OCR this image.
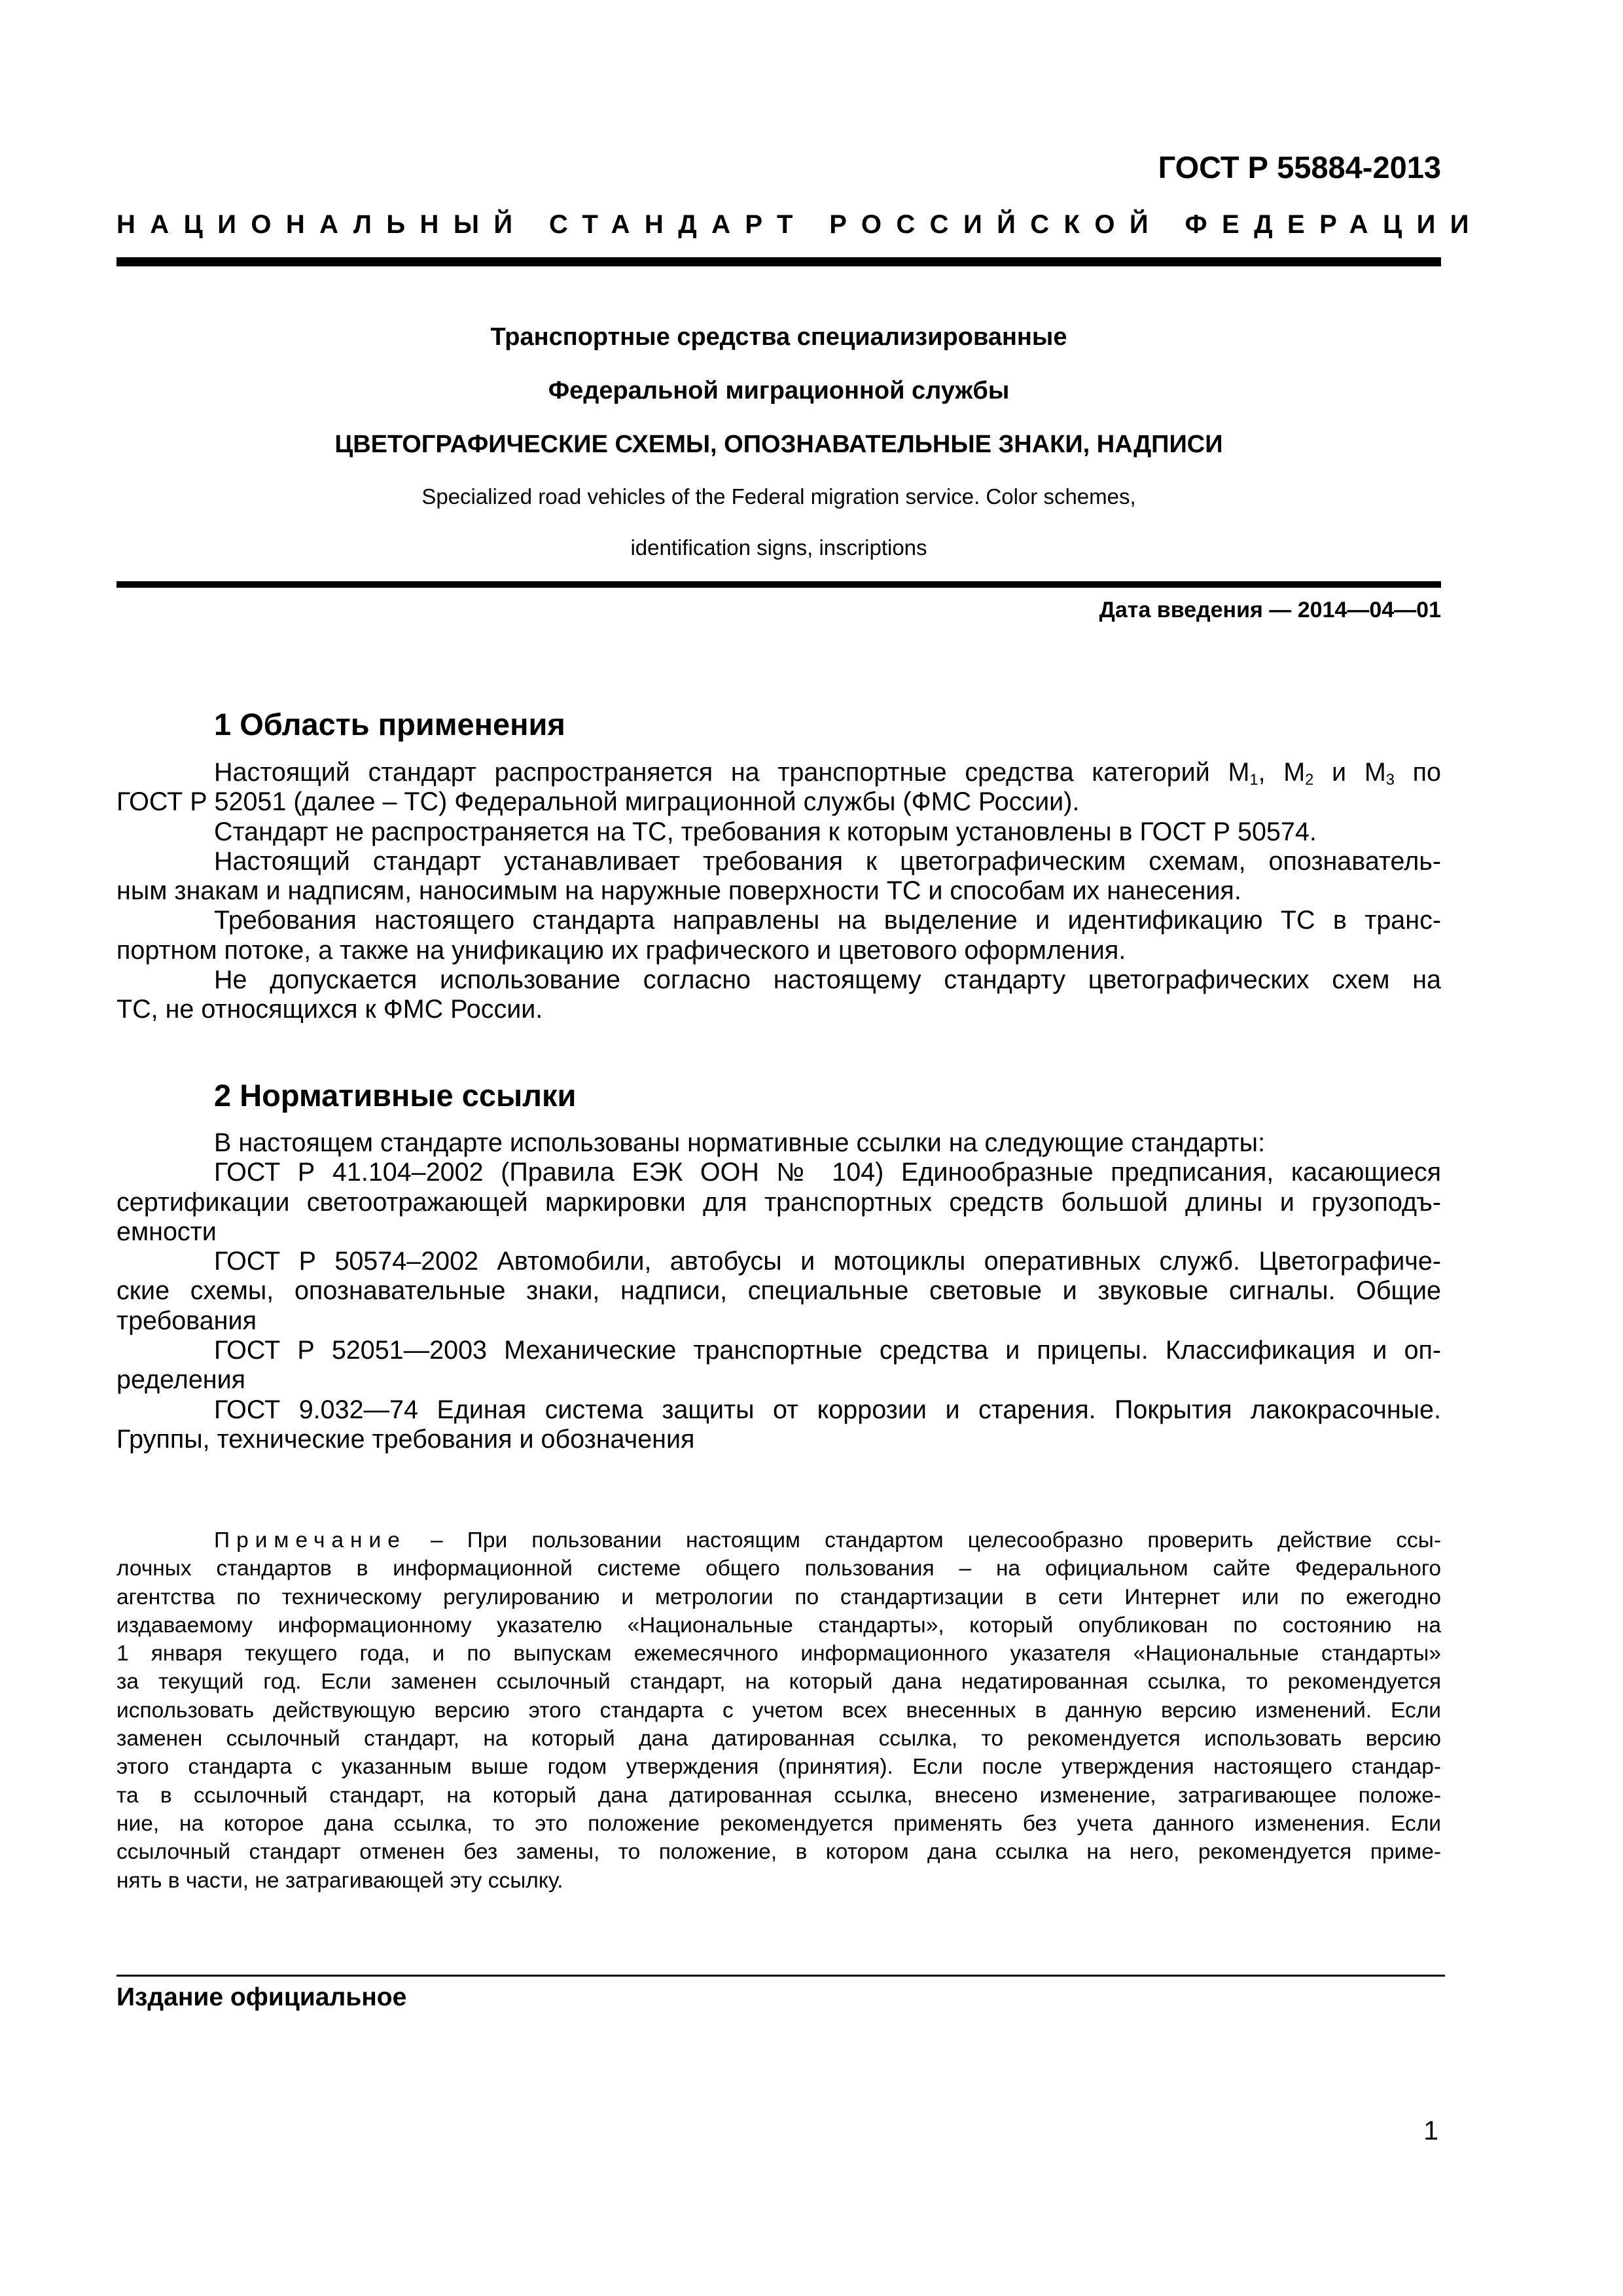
ГОСТ Р 55884-2013
НАЦИОНАЛЬНЫЙ СТАНДАРТ РОССИЙСКОЙ ФЕДЕРАЦИИ
Транспортные средства специализированные
Федеральной миграционной службы
ЦВЕТОГРАФИЧЕСКИЕ СХЕМЫ, ОПОЗНАВАТЕЛЬНЫЕ ЗНАКИ, НАДПИСИ
Specialized road vehicles of the Federal migration service. Color schemes,
identification signs, inscriptions
Дата введения — 2014—04—01
1 Область применения

Настоящий стандарт распространяется на транспортные средства категорий $М_1$, $М_2$ и $М_3$ по

ГОСТ Р 52051 (далее – ТС) Федеральной миграционной службы (ФМС России).

Стандарт не распространяется на ТС, требования к которым установлены в ГОСТ Р 50574.

Настоящий стандарт устанавливает требования к цветографическим схемам, опознаватель-

ным знакам и надписям, наносимым на наружные поверхности ТС и способам их нанесения.

Требования настоящего стандарта направлены на выделение и идентификацию ТС в транс-

портном потоке, а также на унификацию их графического и цветового оформления.

Не допускается использование согласно настоящему стандарту цветографических схем на

ТС, не относящихся к ФМС России.

2 Нормативные ссылки

В настоящем стандарте использованы нормативные ссылки на следующие стандарты:

ГОСТ Р 41.104–2002 (Правила ЕЭК ООН № 104) Единообразные предписания, касающиеся

сертификации светоотражающей маркировки для транспортных средств большой длины и грузоподъ-

емности

ГОСТ Р 50574–2002 Автомобили, автобусы и мотоциклы оперативных служб. Цветографиче-

ские схемы, опознавательные знаки, надписи, специальные световые и звуковые сигналы. Общие

требования

ГОСТ Р 52051—2003 Механические транспортные средства и прицепы. Классификация и оп-

ределения

ГОСТ 9.032—74 Единая система защиты от коррозии и старения. Покрытия лакокрасочные.

Группы, технические требования и обозначения

Примечание – При пользовании настоящим стандартом целесообразно проверить действие ссы-

лочных стандартов в информационной системе общего пользования – на официальном сайте Федерального

агентства по техническому регулированию и метрологии по стандартизации в сети Интернет или по ежегодно

издаваемому информационному указателю «Национальные стандарты», который опубликован по состоянию на

1 января текущего года, и по выпускам ежемесячного информационного указателя «Национальные стандарты»

за текущий год. Если заменен ссылочный стандарт, на который дана недатированная ссылка, то рекомендуется

использовать действующую версию этого стандарта с учетом всех внесенных в данную версию изменений. Если

заменен ссылочный стандарт, на который дана датированная ссылка, то рекомендуется использовать версию

этого стандарта с указанным выше годом утверждения (принятия). Если после утверждения настоящего стандар-

та в ссылочный стандарт, на который дана датированная ссылка, внесено изменение, затрагивающее положе-

ние, на которое дана ссылка, то это положение рекомендуется применять без учета данного изменения. Если

ссылочный стандарт отменен без замены, то положение, в котором дана ссылка на него, рекомендуется приме-

нять в части, не затрагивающей эту ссылку.

Издание официальное
1
